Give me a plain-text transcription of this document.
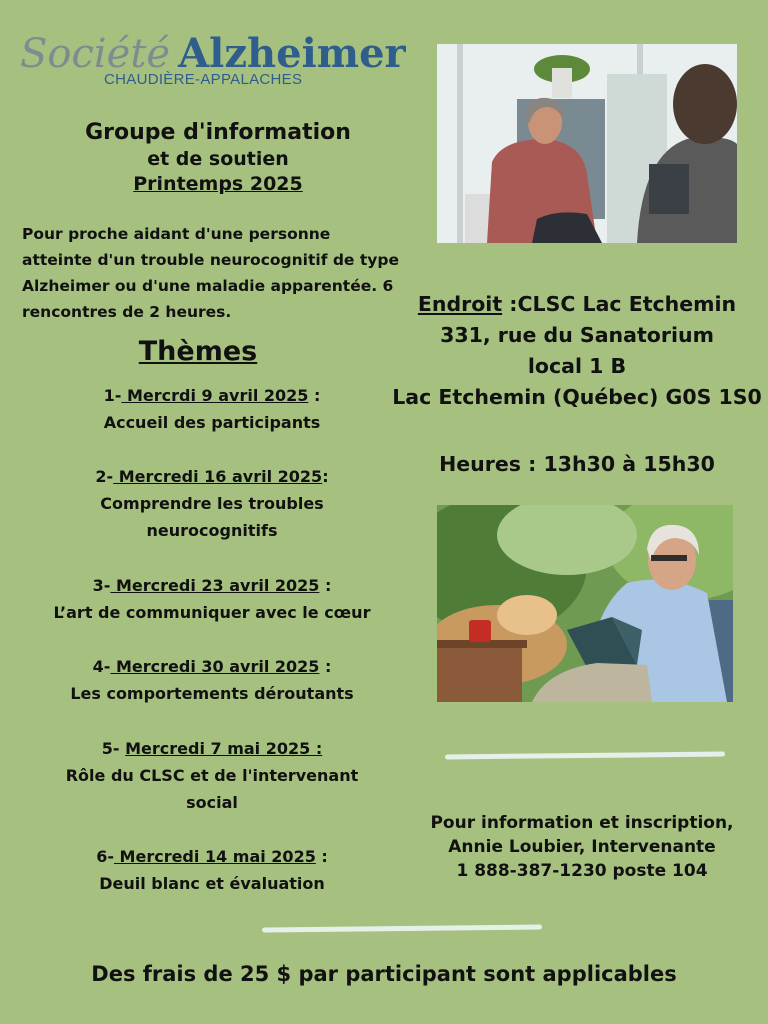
Société Alzheimer
CHAUDIÈRE-APPALACHES
Groupe d'information
et de soutien
Printemps 2025
Pour proche aidant d'une personne atteinte d'un trouble neurocognitif de type Alzheimer ou d'une maladie apparentée. 6 rencontres de 2 heures.
Thèmes
1- Mercrdi 9 avril 2025 :
Accueil des participants
2- Mercredi 16 avril 2025:
Comprendre les troubles neurocognitifs
3- Mercredi 23 avril 2025 :
L’art de communiquer avec le cœur
4- Mercredi 30 avril 2025 :
Les comportements déroutants
5- Mercredi 7 mai 2025 :
Rôle du CLSC et de l'intervenant social
6- Mercredi 14 mai 2025 :
Deuil blanc et évaluation
Endroit :CLSC Lac Etchemin
331, rue du Sanatorium
local 1 B
Lac Etchemin (Québec) G0S 1S0
Heures : 13h30 à 15h30
Pour information et inscription,
Annie Loubier, Intervenante
1 888-387-1230 poste 104
Des frais de 25 $ par participant sont applicables
